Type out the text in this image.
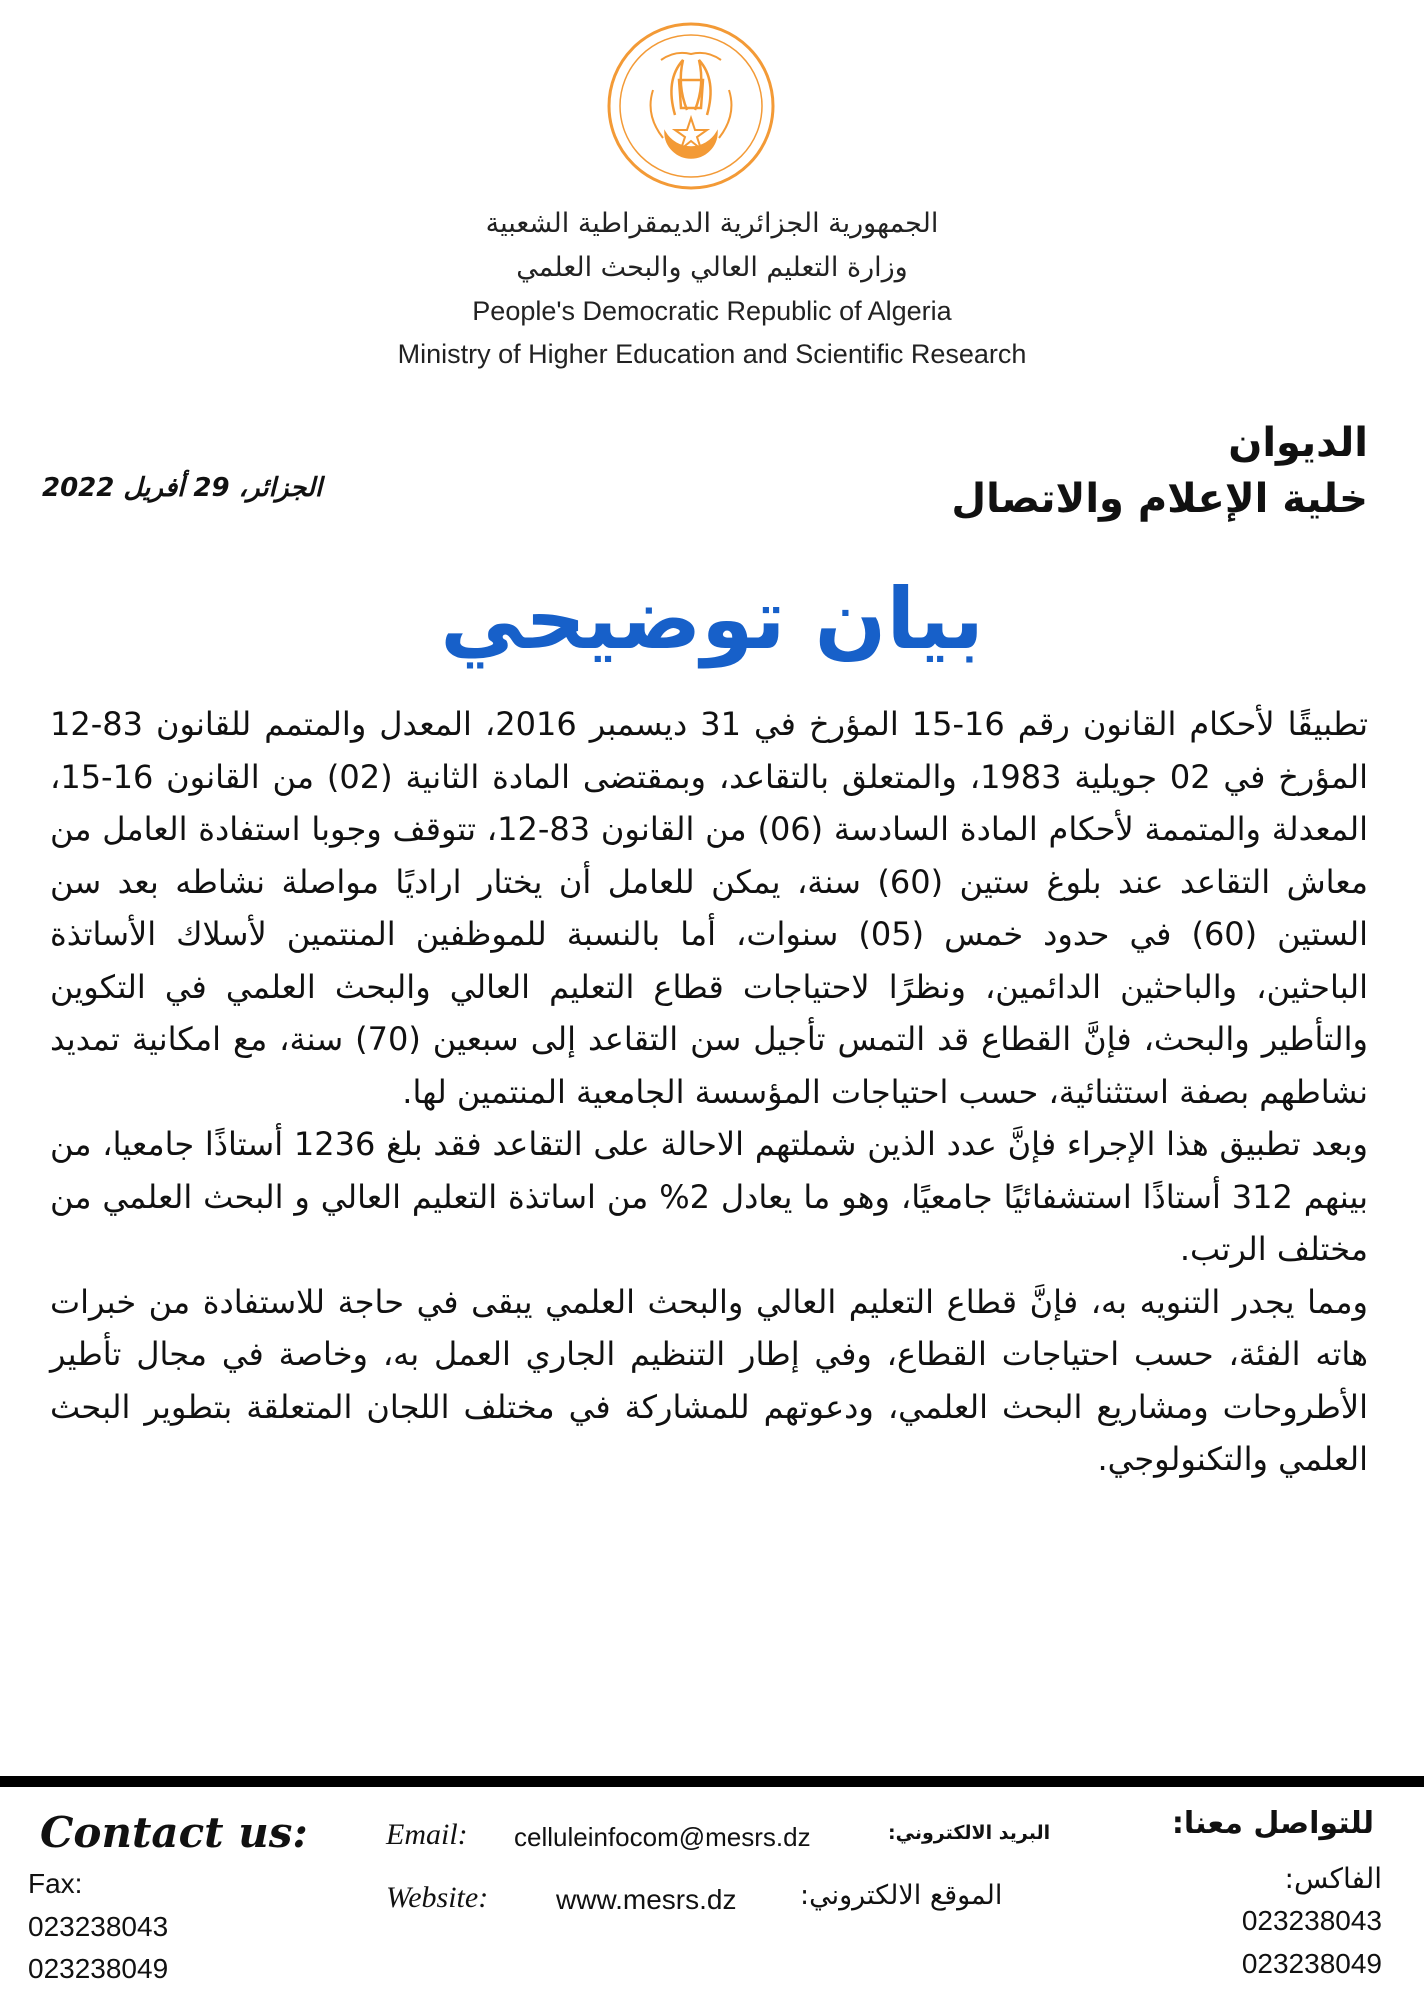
الجمهورية الجزائرية الديمقراطية الشعبية
وزارة التعليم العالي والبحث العلمي
People's Democratic Republic of Algeria
Ministry of Higher Education and Scientific Research
الديوان
خلية الإعلام والاتصال
الجزائر، 29 أفريل 2022
بيان توضيحي

تطبيقًا لأحكام القانون رقم 16-15 المؤرخ في 31 ديسمبر 2016، المعدل والمتمم للقانون 83-12 المؤرخ في 02 جويلية 1983، والمتعلق بالتقاعد، وبمقتضى المادة الثانية (02) من القانون 16-15، المعدلة والمتممة لأحكام المادة السادسة (06) من القانون 83-12، تتوقف وجوبا استفادة العامل من معاش التقاعد عند بلوغ ستين (60) سنة، يمكن للعامل أن يختار اراديًا مواصلة نشاطه بعد سن الستين (60) في حدود خمس (05) سنوات، أما بالنسبة للموظفين المنتمين لأسلاك الأساتذة الباحثين، والباحثين الدائمين، ونظرًا لاحتياجات قطاع التعليم العالي والبحث العلمي في التكوين والتأطير والبحث، فإنَّ القطاع قد التمس تأجيل سن التقاعد إلى سبعين (70) سنة، مع امكانية تمديد نشاطهم بصفة استثنائية، حسب احتياجات المؤسسة الجامعية المنتمين لها.

وبعد تطبيق هذا الإجراء فإنَّ عدد الذين شملتهم الاحالة على التقاعد فقد بلغ 1236 أستاذًا جامعيا، من بينهم 312 أستاذًا استشفائيًا جامعيًا، وهو ما يعادل 2% من اساتذة التعليم العالي و البحث العلمي من مختلف الرتب.

ومما يجدر التنويه به، فإنَّ قطاع التعليم العالي والبحث العلمي يبقى في حاجة للاستفادة من خبرات هاته الفئة، حسب احتياجات القطاع، وفي إطار التنظيم الجاري العمل به، وخاصة في مجال تأطير الأطروحات ومشاريع البحث العلمي، ودعوتهم للمشاركة في مختلف اللجان المتعلقة بتطوير البحث العلمي والتكنولوجي.

Contact us:
Fax:
023238043
023238049
Email: celluleinfocom@mesrs.dz	البريد الالكتروني:
Website: www.mesrs.dz الموقع الالكتروني:
للتواصل معنا:
الفاكس:
023238043
023238049
